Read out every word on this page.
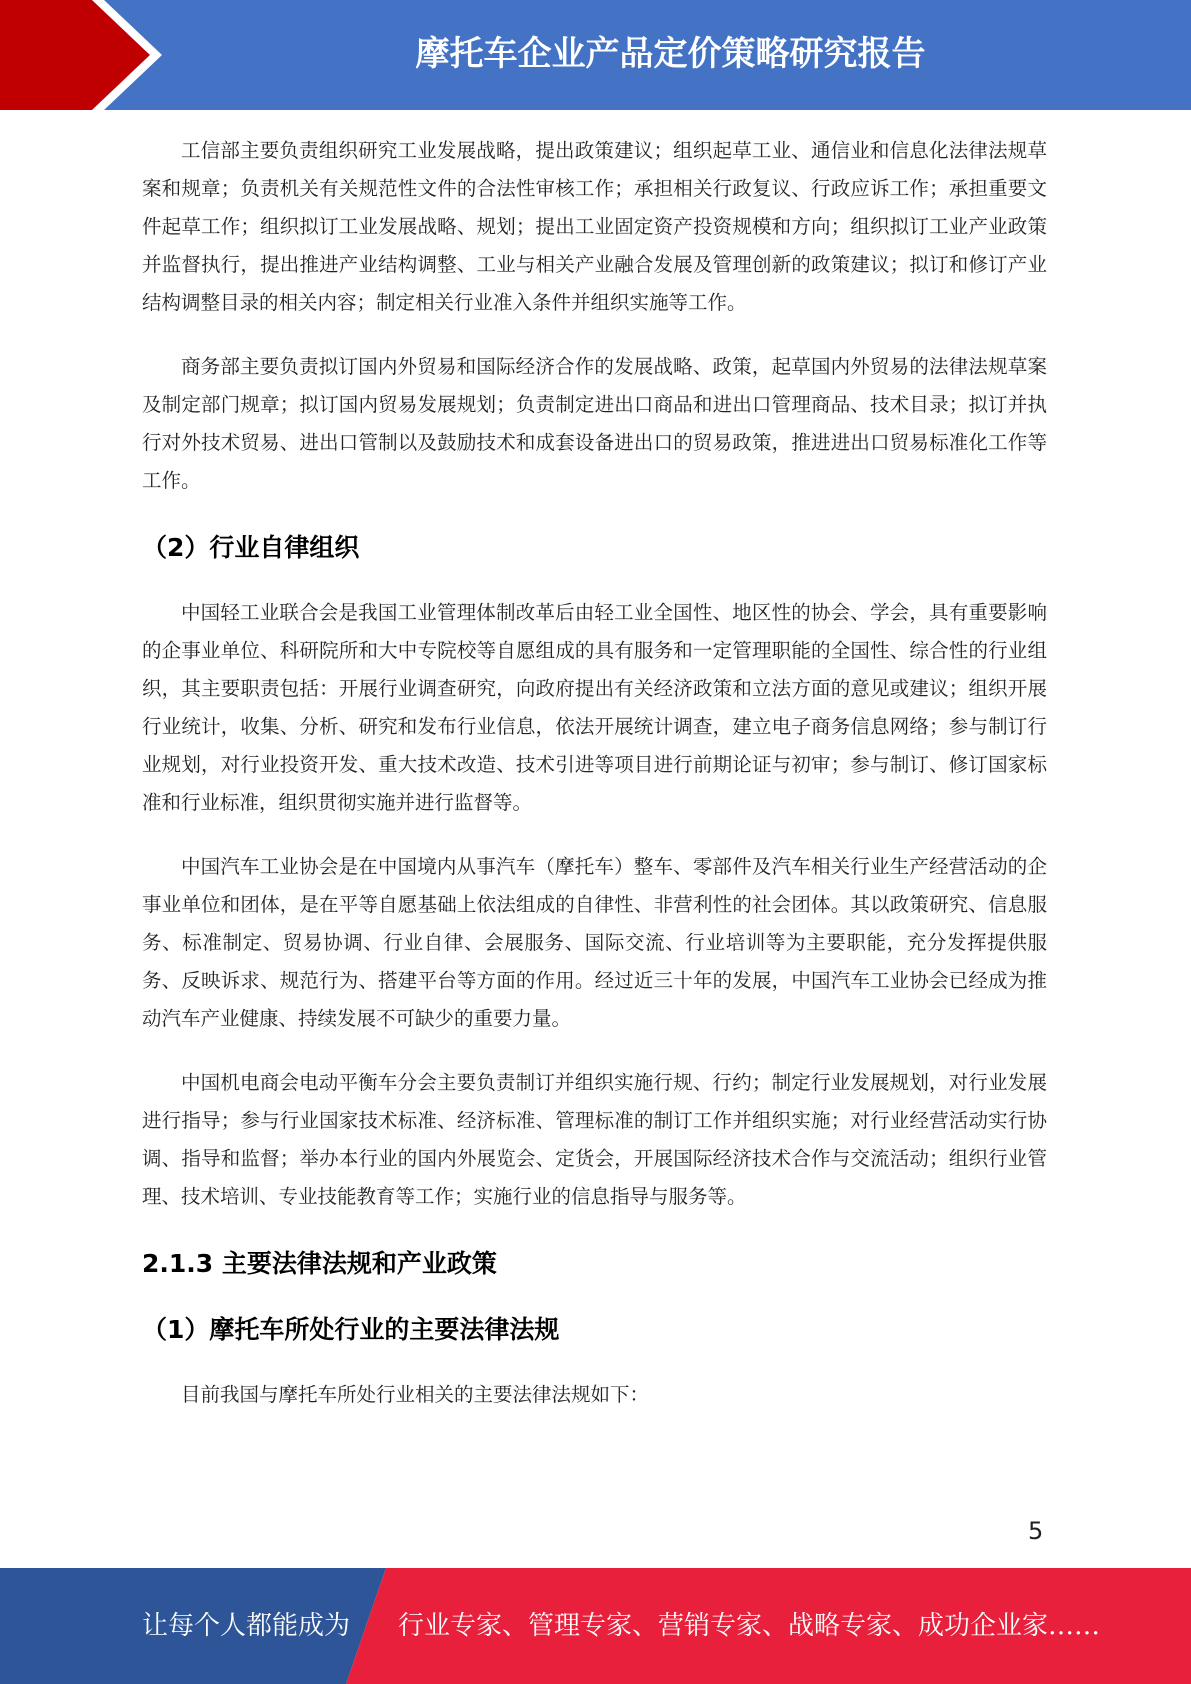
摩托车企业产品定价策略研究报告

工信部主要负责组织研究工业发展战略，提出政策建议；组织起草工业、通信业和信息化法律法规草案和规章；负责机关有关规范性文件的合法性审核工作；承担相关行政复议、行政应诉工作；承担重要文件起草工作；组织拟订工业发展战略、规划；提出工业固定资产投资规模和方向；组织拟订工业产业政策并监督执行，提出推进产业结构调整、工业与相关产业融合发展及管理创新的政策建议；拟订和修订产业结构调整目录的相关内容；制定相关行业准入条件并组织实施等工作。

商务部主要负责拟订国内外贸易和国际经济合作的发展战略、政策，起草国内外贸易的法律法规草案及制定部门规章；拟订国内贸易发展规划；负责制定进出口商品和进出口管理商品、技术目录；拟订并执行对外技术贸易、进出口管制以及鼓励技术和成套设备进出口的贸易政策，推进进出口贸易标准化工作等工作。

（2）行业自律组织

中国轻工业联合会是我国工业管理体制改革后由轻工业全国性、地区性的协会、学会，具有重要影响的企事业单位、科研院所和大中专院校等自愿组成的具有服务和一定管理职能的全国性、综合性的行业组织，其主要职责包括：开展行业调查研究，向政府提出有关经济政策和立法方面的意见或建议；组织开展行业统计，收集、分析、研究和发布行业信息，依法开展统计调查，建立电子商务信息网络；参与制订行业规划，对行业投资开发、重大技术改造、技术引进等项目进行前期论证与初审；参与制订、修订国家标准和行业标准，组织贯彻实施并进行监督等。

中国汽车工业协会是在中国境内从事汽车（摩托车）整车、零部件及汽车相关行业生产经营活动的企事业单位和团体，是在平等自愿基础上依法组成的自律性、非营利性的社会团体。其以政策研究、信息服务、标准制定、贸易协调、行业自律、会展服务、国际交流、行业培训等为主要职能，充分发挥提供服务、反映诉求、规范行为、搭建平台等方面的作用。经过近三十年的发展，中国汽车工业协会已经成为推动汽车产业健康、持续发展不可缺少的重要力量。

中国机电商会电动平衡车分会主要负责制订并组织实施行规、行约；制定行业发展规划，对行业发展进行指导；参与行业国家技术标准、经济标准、管理标准的制订工作并组织实施；对行业经营活动实行协调、指导和监督；举办本行业的国内外展览会、定货会，开展国际经济技术合作与交流活动；组织行业管理、技术培训、专业技能教育等工作；实施行业的信息指导与服务等。

2.1.3 主要法律法规和产业政策
（1）摩托车所处行业的主要法律法规

目前我国与摩托车所处行业相关的主要法律法规如下：

5
让每个人都能成为 行业专家、管理专家、营销专家、战略专家、成功企业家……
